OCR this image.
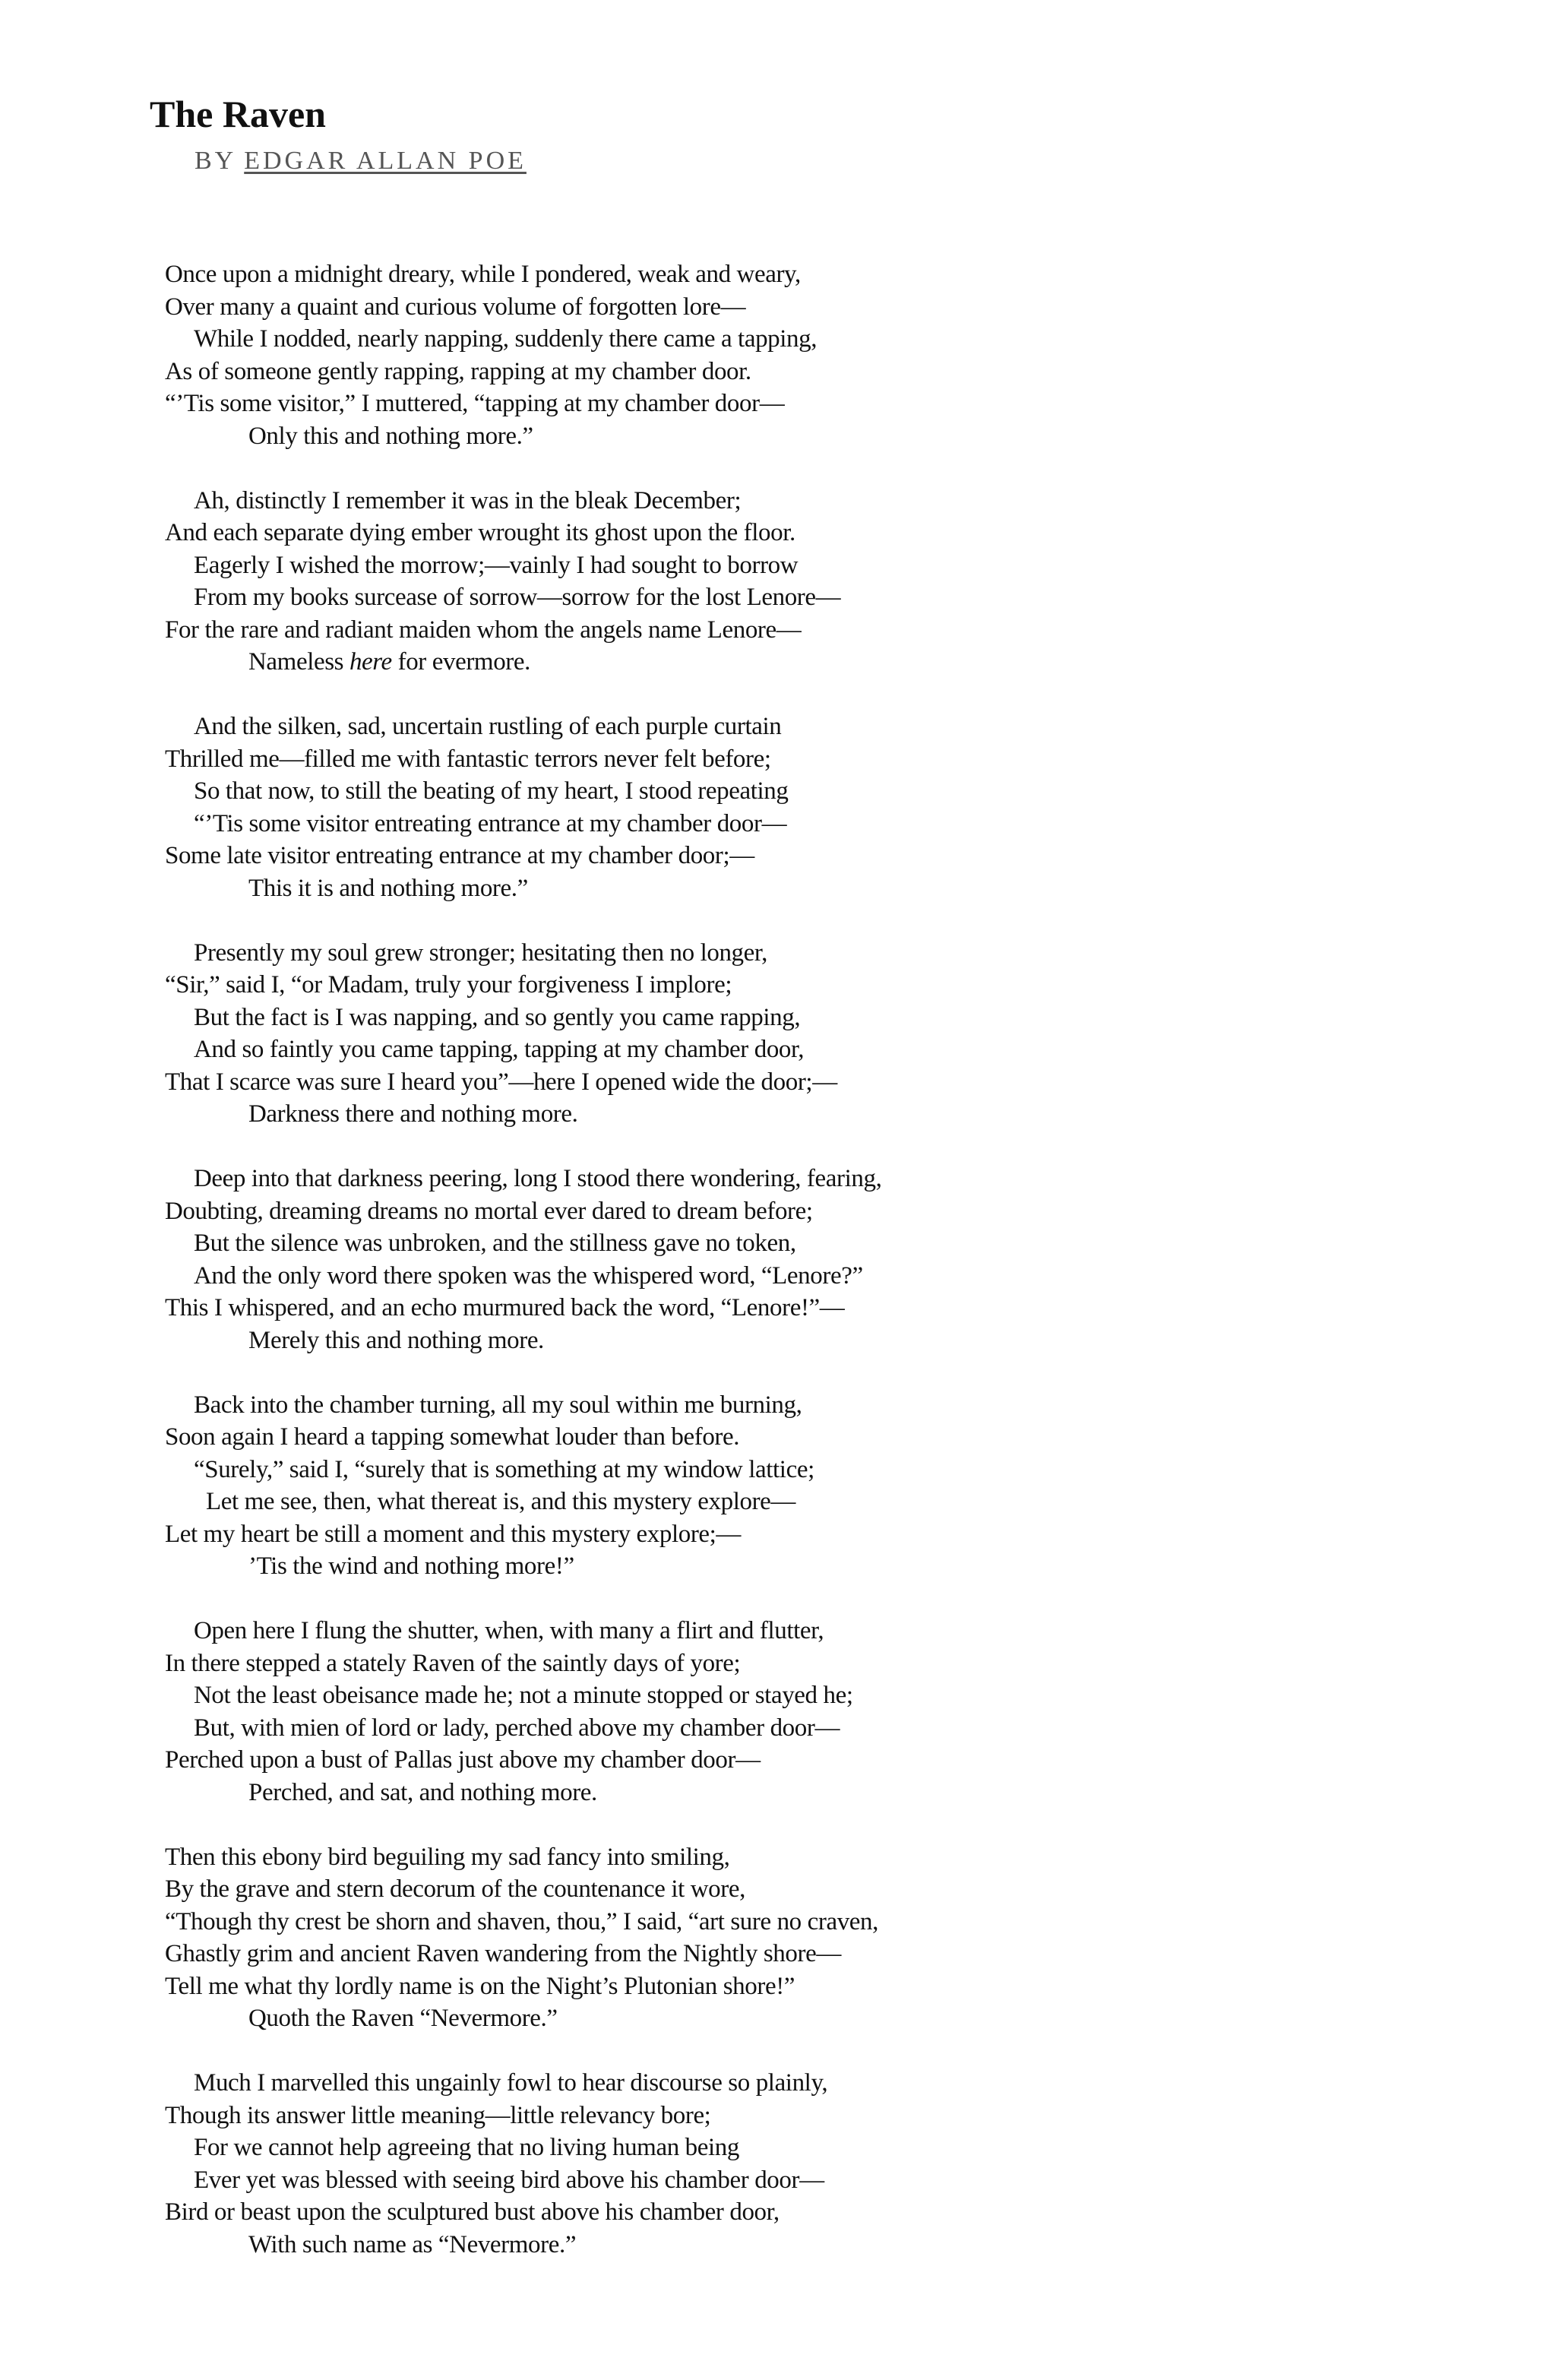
The Raven
BY EDGAR ALLAN POE
Once upon a midnight dreary, while I pondered, weak and weary,
Over many a quaint and curious volume of forgotten lore—
While I nodded, nearly napping, suddenly there came a tapping,
As of someone gently rapping, rapping at my chamber door.
“’Tis some visitor,” I muttered, “tapping at my chamber door—
Only this and nothing more.”
Ah, distinctly I remember it was in the bleak December;
And each separate dying ember wrought its ghost upon the floor.
Eagerly I wished the morrow;—vainly I had sought to borrow
From my books surcease of sorrow—sorrow for the lost Lenore—
For the rare and radiant maiden whom the angels name Lenore—
Nameless here for evermore.
And the silken, sad, uncertain rustling of each purple curtain
Thrilled me—filled me with fantastic terrors never felt before;
So that now, to still the beating of my heart, I stood repeating
“’Tis some visitor entreating entrance at my chamber door—
Some late visitor entreating entrance at my chamber door;—
This it is and nothing more.”
Presently my soul grew stronger; hesitating then no longer,
“Sir,” said I, “or Madam, truly your forgiveness I implore;
But the fact is I was napping, and so gently you came rapping,
And so faintly you came tapping, tapping at my chamber door,
That I scarce was sure I heard you”—here I opened wide the door;—
Darkness there and nothing more.
Deep into that darkness peering, long I stood there wondering, fearing,
Doubting, dreaming dreams no mortal ever dared to dream before;
But the silence was unbroken, and the stillness gave no token,
And the only word there spoken was the whispered word, “Lenore?”
This I whispered, and an echo murmured back the word, “Lenore!”—
Merely this and nothing more.
Back into the chamber turning, all my soul within me burning,
Soon again I heard a tapping somewhat louder than before.
“Surely,” said I, “surely that is something at my window lattice;
Let me see, then, what thereat is, and this mystery explore—
Let my heart be still a moment and this mystery explore;—
’Tis the wind and nothing more!”
Open here I flung the shutter, when, with many a flirt and flutter,
In there stepped a stately Raven of the saintly days of yore;
Not the least obeisance made he; not a minute stopped or stayed he;
But, with mien of lord or lady, perched above my chamber door—
Perched upon a bust of Pallas just above my chamber door—
Perched, and sat, and nothing more.
Then this ebony bird beguiling my sad fancy into smiling,
By the grave and stern decorum of the countenance it wore,
“Though thy crest be shorn and shaven, thou,” I said, “art sure no craven,
Ghastly grim and ancient Raven wandering from the Nightly shore—
Tell me what thy lordly name is on the Night’s Plutonian shore!”
Quoth the Raven “Nevermore.”
Much I marvelled this ungainly fowl to hear discourse so plainly,
Though its answer little meaning—little relevancy bore;
For we cannot help agreeing that no living human being
Ever yet was blessed with seeing bird above his chamber door—
Bird or beast upon the sculptured bust above his chamber door,
With such name as “Nevermore.”
